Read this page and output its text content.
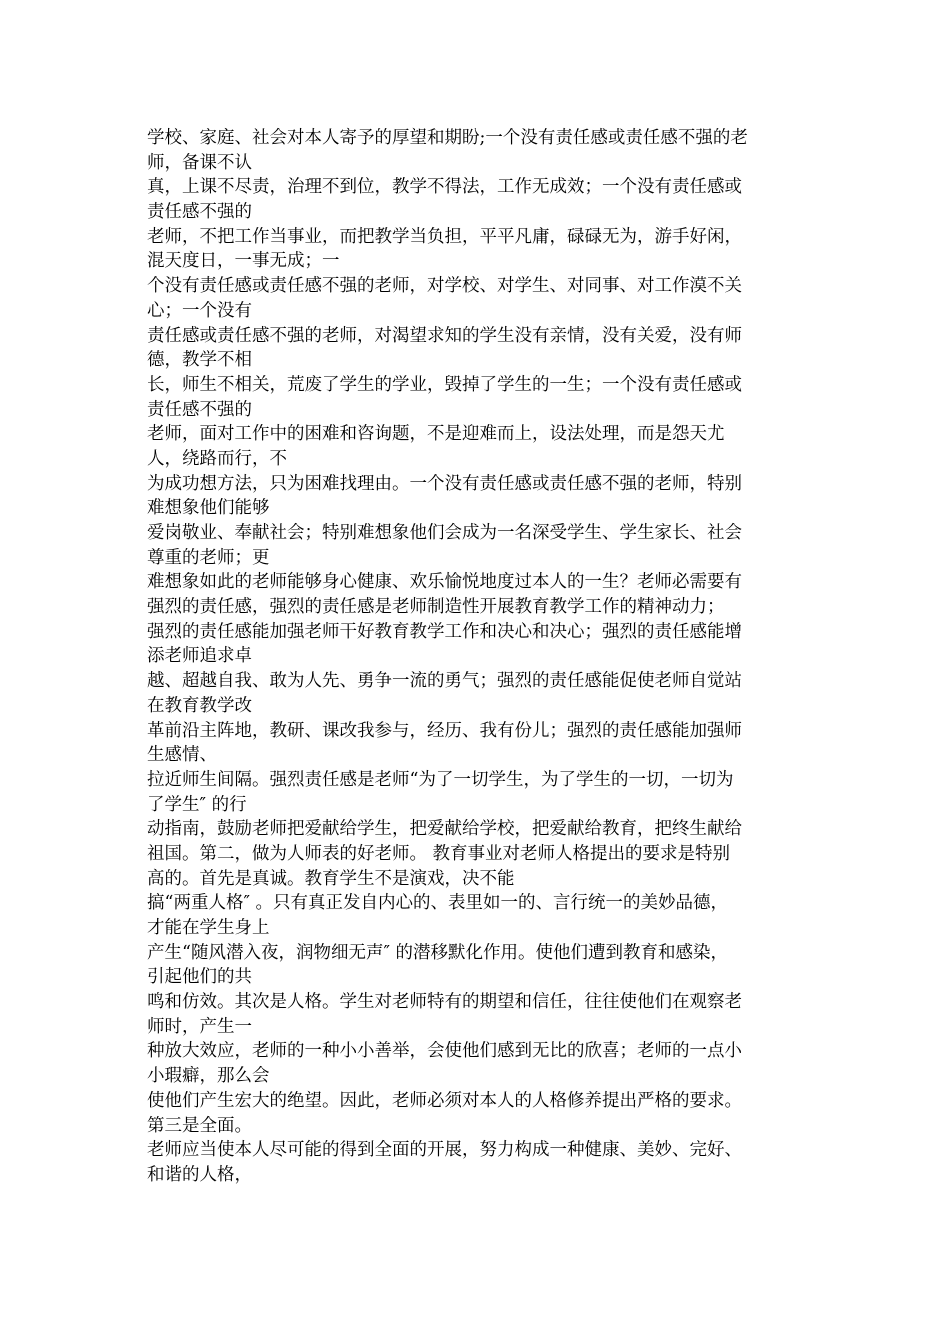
学校、家庭、社会对本人寄予的厚望和期盼;一个没有责任感或责任感不强的老
师，备课不认
真，上课不尽责，治理不到位，教学不得法，工作无成效；一个没有责任感或
责任感不强的
老师，不把工作当事业，而把教学当负担，平平凡庸，碌碌无为，游手好闲，
混天度日，一事无成；一
个没有责任感或责任感不强的老师，对学校、对学生、对同事、对工作漠不关
心；一个没有
责任感或责任感不强的老师，对渴望求知的学生没有亲情，没有关爱，没有师
德，教学不相
长，师生不相关，荒废了学生的学业，毁掉了学生的一生；一个没有责任感或
责任感不强的
老师，面对工作中的困难和咨询题，不是迎难而上，设法处理，而是怨天尤
人，绕路而行，不
为成功想方法，只为困难找理由。一个没有责任感或责任感不强的老师，特别
难想象他们能够
爱岗敬业、奉献社会；特别难想象他们会成为一名深受学生、学生家长、社会
尊重的老师；更
难想象如此的老师能够身心健康、欢乐愉悦地度过本人的一生？老师必需要有
强烈的责任感，强烈的责任感是老师制造性开展教育教学工作的精神动力；
强烈的责任感能加强老师干好教育教学工作和决心和决心；强烈的责任感能增
添老师追求卓
越、超越自我、敢为人先、勇争一流的勇气；强烈的责任感能促使老师自觉站
在教育教学改
革前沿主阵地，教研、课改我参与，经历、我有份儿；强烈的责任感能加强师
生感情、
拉近师生间隔。强烈责任感是老师“为了一切学生，为了学生的一切，一切为
了学生″ 的行
动指南，鼓励老师把爱献给学生，把爱献给学校，把爱献给教育，把终生献给
祖国。第二，做为人师表的好老师。 教育事业对老师人格提出的要求是特别
高的。首先是真诚。教育学生不是演戏，决不能
搞“两重人格″ 。只有真正发自内心的、表里如一的、言行统一的美妙品德，
才能在学生身上
产生“随风潜入夜，润物细无声″ 的潜移默化作用。使他们遭到教育和感染，
引起他们的共
鸣和仿效。其次是人格。学生对老师特有的期望和信任，往往使他们在观察老
师时，产生一
种放大效应，老师的一种小小善举，会使他们感到无比的欣喜；老师的一点小
小瑕癖，那么会
使他们产生宏大的绝望。因此，老师必须对本人的人格修养提出严格的要求。
第三是全面。
老师应当使本人尽可能的得到全面的开展，努力构成一种健康、美妙、完好、
和谐的人格，
